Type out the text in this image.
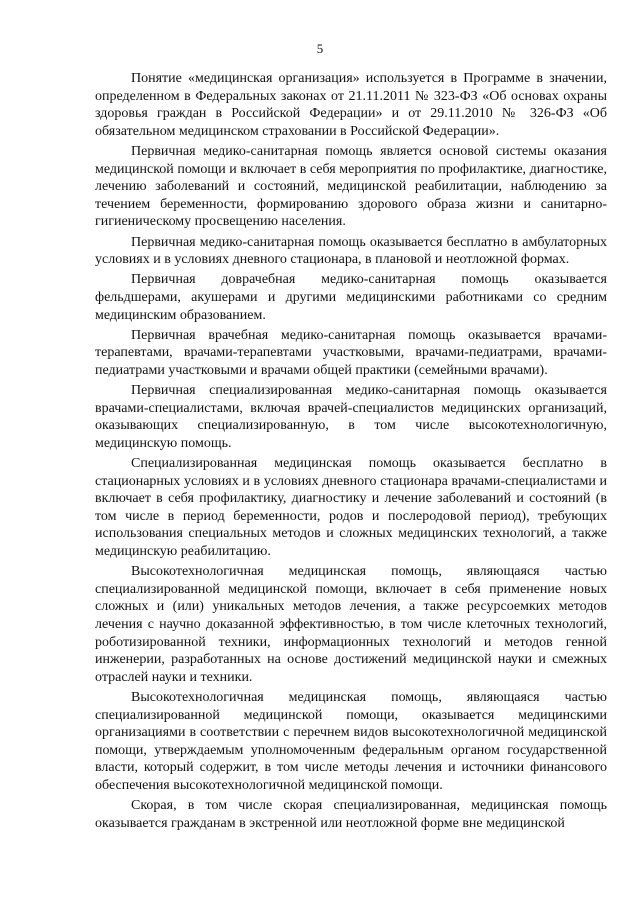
5

Понятие «медицинская организация» используется в Программе в значении, определенном в Федеральных законах от 21.11.2011 № 323-ФЗ «Об основах охраны здоровья граждан в Российской Федерации» и от 29.11.2010 № 326-ФЗ «Об обязательном медицинском страховании в Российской Федерации».

Первичная медико-санитарная помощь является основой системы оказания медицинской помощи и включает в себя мероприятия по профилактике, диагностике, лечению заболеваний и состояний, медицинской реабилитации, наблюдению за течением беременности, формированию здорового образа жизни и санитарно-гигиеническому просвещению населения.

Первичная медико-санитарная помощь оказывается бесплатно в амбулаторных условиях и в условиях дневного стационара, в плановой и неотложной формах.

Первичная доврачебная медико-санитарная помощь оказывается фельдшерами, акушерами и другими медицинскими работниками со средним медицинским образованием.

Первичная врачебная медико-санитарная помощь оказывается врачами-терапевтами, врачами-терапевтами участковыми, врачами-педиатрами, врачами-педиатрами участковыми и врачами общей практики (семейными врачами).

Первичная специализированная медико-санитарная помощь оказывается врачами-специалистами, включая врачей-специалистов медицинских организаций, оказывающих специализированную, в том числе высокотехнологичную, медицинскую помощь.

Специализированная медицинская помощь оказывается бесплатно в стационарных условиях и в условиях дневного стационара врачами-специалистами и включает в себя профилактику, диагностику и лечение заболеваний и состояний (в том числе в период беременности, родов и послеродовой период), требующих использования специальных методов и сложных медицинских технологий, а также медицинскую реабилитацию.

Высокотехнологичная медицинская помощь, являющаяся частью специализированной медицинской помощи, включает в себя применение новых сложных и (или) уникальных методов лечения, а также ресурсоемких методов лечения с научно доказанной эффективностью, в том числе клеточных технологий, роботизированной техники, информационных технологий и методов генной инженерии, разработанных на основе достижений медицинской науки и смежных отраслей науки и техники.

Высокотехнологичная медицинская помощь, являющаяся частью специализированной медицинской помощи, оказывается медицинскими организациями в соответствии с перечнем видов высокотехнологичной медицинской помощи, утверждаемым уполномоченным федеральным органом государственной власти, который содержит, в том числе методы лечения и источники финансового обеспечения высокотехнологичной медицинской помощи.

Скорая, в том числе скорая специализированная, медицинская помощь оказывается гражданам в экстренной или неотложной форме вне медицинской
